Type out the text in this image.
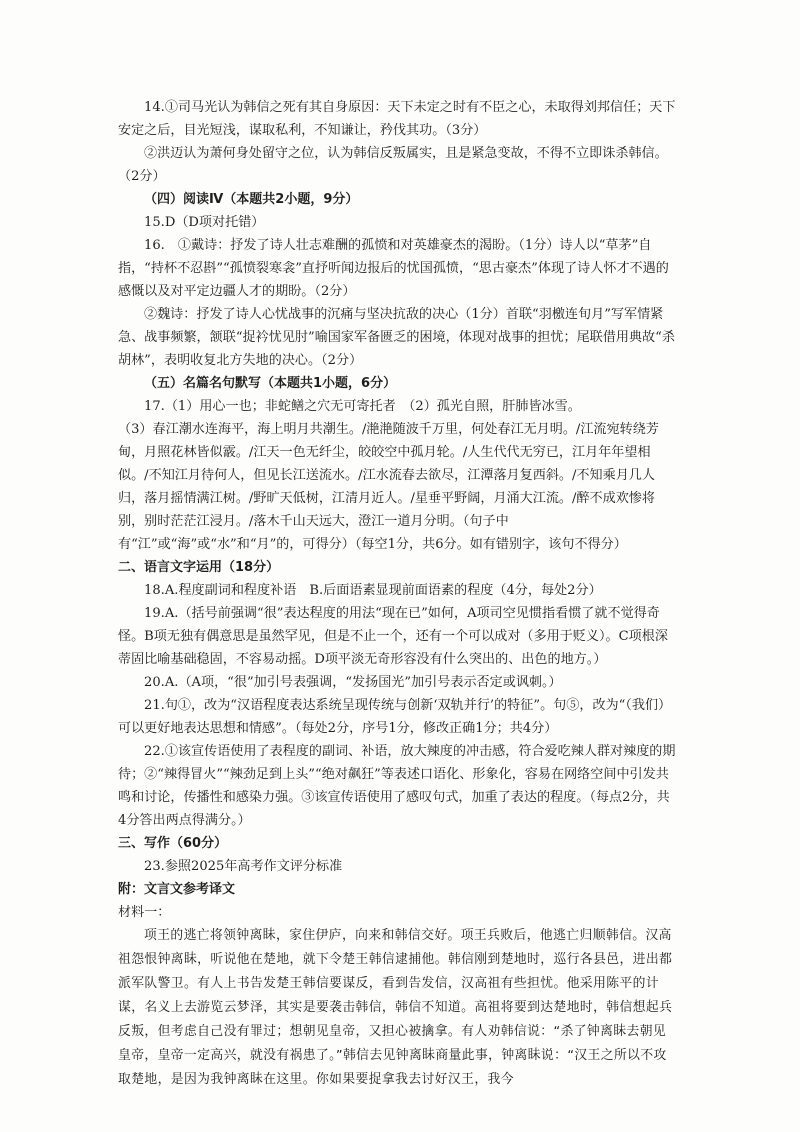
14.①司马光认为韩信之死有其自身原因：天下未定之时有不臣之心，未取得刘邦信任；天下安定之后，目光短浅，谋取私利，不知谦让，矜伐其功。（3分）

②洪迈认为萧何身处留守之位，认为韩信反叛属实，且是紧急变故，不得不立即诛杀韩信。（2分）

（四）阅读Ⅳ（本题共2小题，9分）

15.D（D项对托错）

16.　①戴诗：抒发了诗人壮志难酬的孤愤和对英雄豪杰的渴盼。（1分）诗人以“草茅”自指，“持杯不忍斟”“孤愤裂寒衾”直抒听闻边报后的忧国孤愤，“思古豪杰”体现了诗人怀才不遇的感慨以及对平定边疆人才的期盼。（2分）

②魏诗：抒发了诗人心忧战事的沉痛与坚决抗敌的决心（1分）首联“羽檄连旬月”写军情紧急、战事频繁，颔联“捉衿忧见肘”喻国家军备匮乏的困境，体现对战事的担忧；尾联借用典故“杀胡林”，表明收复北方失地的决心。（2分）

（五）名篇名句默写（本题共1小题，6分）

17.（1）用心一也；非蛇鳝之穴无可寄托者　（2）孤光自照，肝肺皆冰雪。

（3）春江潮水连海平，海上明月共潮生。/滟滟随波千万里，何处春江无月明。/江流宛转绕芳甸，月照花林皆似霰。/江天一色无纤尘，皎皎空中孤月轮。/人生代代无穷已，江月年年望相似。/不知江月待何人，但见长江送流水。/江水流春去欲尽，江潭落月复西斜。/不知乘月几人归，落月摇情满江树。/野旷天低树，江清月近人。/星垂平野阔，月涌大江流。/醉不成欢惨将别，别时茫茫江浸月。/落木千山天远大，澄江一道月分明。（句子中有“江”或“海”或“水”和“月”的，可得分）（每空1分，共6分。如有错别字，该句不得分）

二、语言文字运用（18分）

18.A.程度副词和程度补语　B.后面语素显现前面语素的程度（4分，每处2分）

19.A.（括号前强调“很”表达程度的用法“现在已”如何，A项司空见惯指看惯了就不觉得奇怪。B项无独有偶意思是虽然罕见，但是不止一个，还有一个可以成对（多用于贬义）。C项根深蒂固比喻基础稳固，不容易动摇。D项平淡无奇形容没有什么突出的、出色的地方。）

20.A.（A项，“很”加引号表强调，“发扬国光”加引号表示否定或讽刺。）

21.句①，改为“汉语程度表达系统呈现传统与创新‘双轨并行’的特征”。句⑤，改为“（我们）可以更好地表达思想和情感”。（每处2分，序号1分，修改正确1分；共4分）

22.①该宣传语使用了表程度的副词、补语，放大辣度的冲击感，符合爱吃辣人群对辣度的期待；②“辣得冒火”“辣劲足到上头”“绝对飙狂”等表述口语化、形象化，容易在网络空间中引发共鸣和讨论，传播性和感染力强。③该宣传语使用了感叹句式，加重了表达的程度。（每点2分，共4分答出两点得满分。）

三、写作（60分）

23.参照2025年高考作文评分标准

附：文言文参考译文

材料一：

项王的逃亡将领钟离眛，家住伊庐，向来和韩信交好。项王兵败后，他逃亡归顺韩信。汉高祖怨恨钟离眛，听说他在楚地，就下令楚王韩信逮捕他。韩信刚到楚地时，巡行各县邑，进出都派军队警卫。有人上书告发楚王韩信要谋反，看到告发信，汉高祖有些担忧。他采用陈平的计谋，名义上去游览云梦泽，其实是要袭击韩信，韩信不知道。高祖将要到达楚地时，韩信想起兵反叛，但考虑自己没有罪过；想朝见皇帝，又担心被擒拿。有人劝韩信说：“杀了钟离眛去朝见皇帝，皇帝一定高兴，就没有祸患了。”韩信去见钟离眛商量此事，钟离眛说：“汉王之所以不攻取楚地，是因为我钟离眛在这里。你如果要捉拿我去讨好汉王，我今
